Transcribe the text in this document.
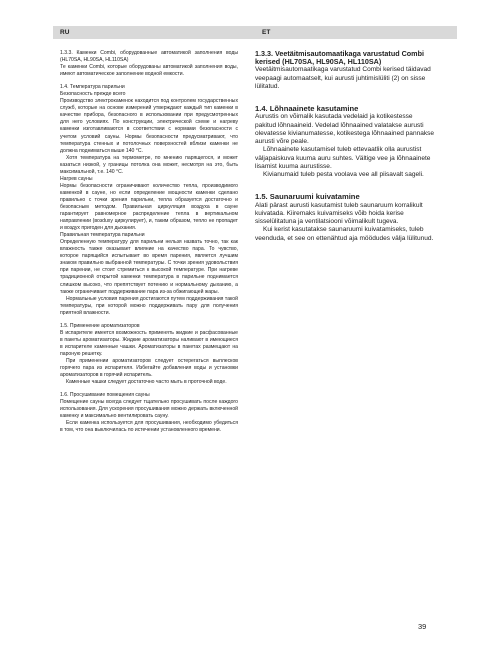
RU	ET

1.3.3. Каменки Combi, оборудованные автоматикой заполнения воды (HL70SA, HL90SA, HL110SA)

Те каменки Combi, которые оборудованы автоматикой заполнения воды, имеют автоматическое заполнение водной емкости.

1.4. Температура парильни

Безопасность прежде всего

Производство электрокаменок находится под контролем государственных служб, которые на основе измерений утверждают каждый тип каменки в качестве прибора, безопасного в использовании при предусмотренных для него условиях. По конструкции, электрической схеме и нагреву каменки изготавливаются в соответствии с нормами безопасности с учетом условий сауны. Нормы безопасности предусматривают, что температура стенных и потолочных поверхностей вблизи каменки не должна подниматься выше 140 °С.

Хотя температура на термометре, по мнению парящегося, и может казаться низкой, у границы потолка она может, несмотря на это, быть максимальной, т.е. 140 °С.

Нагрев сауны

Нормы безопасности ограничивают количество тепла, производимого каменкой в сауне, но если определение мощности каменки сделано правильно с точки зрения парильни, тепла образуется достаточно и безопасным методом. Правильная циркуляция воздуха в сауне гарантирует равномерное распределение тепла в вертикальном направлении (возduху циркулирует), и, таким образом, тепло не пропадет и воздух пригоден для дыхания.

Правильная температура парильни

Определенную температуру для парильни нельзя назвать точно, так как влажность также оказывает влияние на качество пара. То чувство, которое парящийся испытывает во время парения, является лучшим знаком правильно выбранной температуры. С точки зрения удовольствия при парении, не стоит стремиться к высокой температуре. При нагреве традиционной открытой каменки температура в парильне поднимается слишком высоко, что препятствует потению и нормальному дыханию, а также ограничивает поддерживание пара из-за обжигающей жары.

Нормальные условия парения достигаются путем поддерживания такой температуры, при которой можно поддерживать пару для получения приятной влажности.

1.5. Применение ароматизаторов

В испарителе имеется возможность применять жидкие и расфасованные в пакеты ароматизаторы. Жидкие ароматизаторы наливают в имеющиеся в испарителе каменные чашки. Ароматизаторы в пакетах размещают на пароную решетку.

При применении ароматизаторов следует остерегаться выплесков горячего пара из испарителя. Избегайте добавления воды и установки ароматизаторов в горячий испаритель.

Каменные чашки следует достаточно часто мыть в проточной воде.

1.6. Просушивание помещения сауны

Помещение сауны всегда следует тщательно просушивать после каждого использования. Для ускорения просушивания можно держать включенной каменку и максимально вентилировать сауну.

Если каменка используется для просушивания, необходимо убедиться в том, что она выключилась по истечении установленного времени.

1.3.3. Veetäitmisautomaatikaga varustatud Combi kerised (HL70SA, HL90SA, HL110SA)

Veetäitmisautomaatikaga varustatud Combi kerised täidavad veepaagi automaatselt, kui aurusti juhtimislüliti (2) on sisse lülitatud.

1.4. Lõhnaainete kasutamine

Aurustis on võimalik kasutada vedelaid ja kotikestesse pakitud lõhnaaineid. Vedelad lõhnaained valatakse aurusti olevatesse kivianumatesse, kotikestega lõhnaained pannakse aurusti võre peale.

Lõhnaainete kasutamisel tuleb ettevaatlik olla aurustist väljapaiskuva kuuma auru suhtes. Vältige vee ja lõhnaainete lisamist kuuma aurustisse.

Kivianumaid tuleb pesta voolava vee all piisavalt sageli.

1.5. Saunaruumi kuivatamine

Alati pärast aurusti kasutamist tuleb saunaruum korralikult kuivatada. Kiiremaks kuivamiseks võib hoida kerise sisselülitatuna ja ventilatsiooni võimalikult tugeva.

Kui kerist kasutatakse saunaruumi kuivatamiseks, tuleb veenduda, et see on ettenähtud aja möödudes välja lülitunud.

39
